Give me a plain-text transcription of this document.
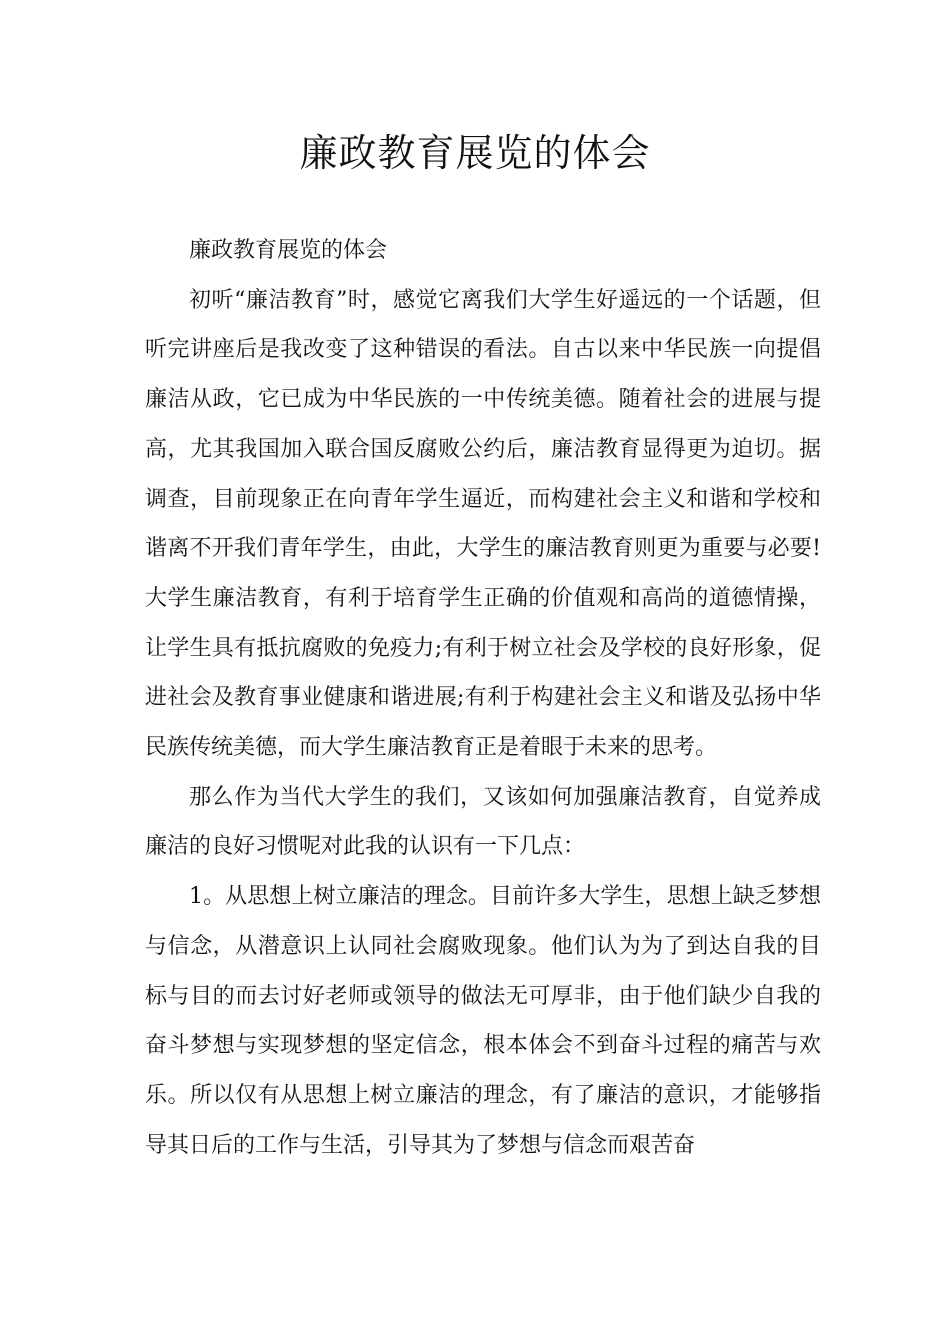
廉政教育展览的体会

廉政教育展览的体会

初听“廉洁教育”时，感觉它离我们大学生好遥远的一个话题，但听完讲座后是我改变了这种错误的看法。自古以来中华民族一向提倡廉洁从政，它已成为中华民族的一中传统美德。随着社会的进展与提高，尤其我国加入联合国反腐败公约后，廉洁教育显得更为迫切。据调查，目前现象正在向青年学生逼近，而构建社会主义和谐和学校和谐离不开我们青年学生，由此，大学生的廉洁教育则更为重要与必要!大学生廉洁教育，有利于培育学生正确的价值观和高尚的道德情操，让学生具有抵抗腐败的免疫力;有利于树立社会及学校的良好形象，促进社会及教育事业健康和谐进展;有利于构建社会主义和谐及弘扬中华民族传统美德，而大学生廉洁教育正是着眼于未来的思考。

那么作为当代大学生的我们，又该如何加强廉洁教育，自觉养成廉洁的良好习惯呢对此我的认识有一下几点：

1。从思想上树立廉洁的理念。目前许多大学生，思想上缺乏梦想与信念，从潜意识上认同社会腐败现象。他们认为为了到达自我的目标与目的而去讨好老师或领导的做法无可厚非，由于他们缺少自我的奋斗梦想与实现梦想的坚定信念，根本体会不到奋斗过程的痛苦与欢乐。所以仅有从思想上树立廉洁的理念，有了廉洁的意识，才能够指导其日后的工作与生活，引导其为了梦想与信念而艰苦奋
